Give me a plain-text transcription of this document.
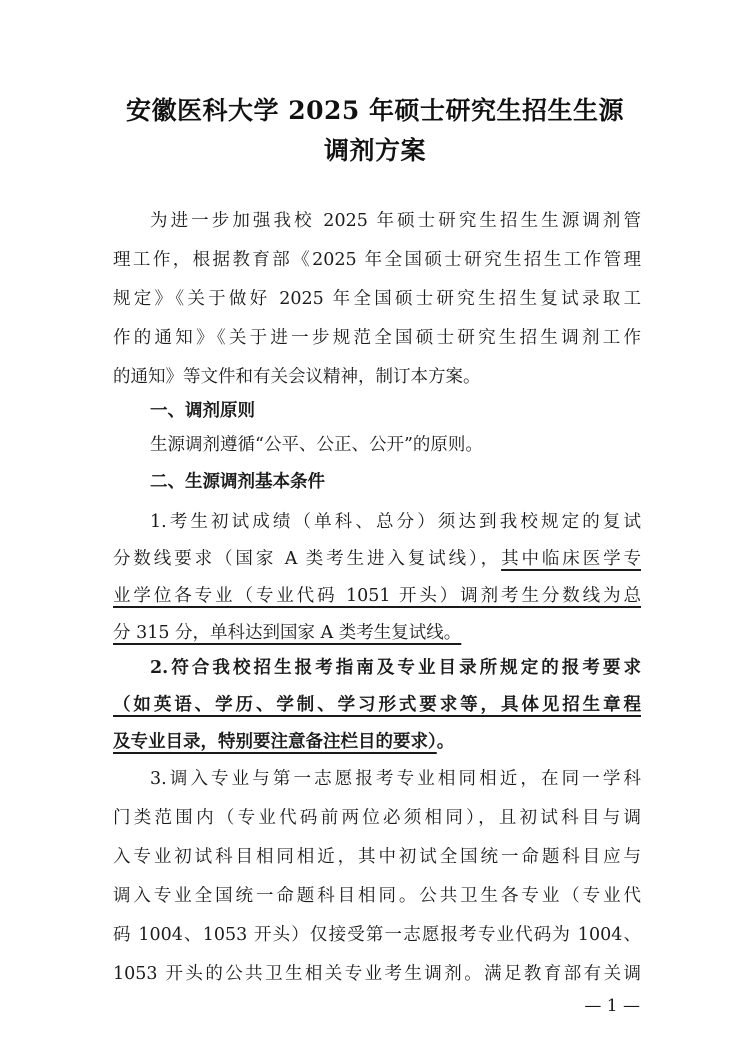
安徽医科大学 2025 年硕士研究生招生生源
调剂方案
为进一步加强我校 2025 年硕士研究生招生生源调剂管
理工作，根据教育部《2025 年全国硕士研究生招生工作管理
规定》《关于做好 2025 年全国硕士研究生招生复试录取工
作的通知》《关于进一步规范全国硕士研究生招生调剂工作
的通知》等文件和有关会议精神，制订本方案。
一、调剂原则
生源调剂遵循“公平、公正、公开”的原则。
二、生源调剂基本条件
1.考生初试成绩（单科、总分）须达到我校规定的复试
分数线要求（国家 A 类考生进入复试线），其中临床医学专
业学位各专业（专业代码 1051 开头）调剂考生分数线为总
分 315 分，单科达到国家 A 类考生复试线。
2.符合我校招生报考指南及专业目录所规定的报考要求
（如英语、学历、学制、学习形式要求等，具体见招生章程
及专业目录，特别要注意备注栏目的要求）。
3.调入专业与第一志愿报考专业相同相近，在同一学科
门类范围内（专业代码前两位必须相同），且初试科目与调
入专业初试科目相同相近，其中初试全国统一命题科目应与
调入专业全国统一命题科目相同。公共卫生各专业（专业代
码 1004、1053 开头）仅接受第一志愿报考专业代码为 1004、
1053 开头的公共卫生相关专业考生调剂。满足教育部有关调
— 1 —
